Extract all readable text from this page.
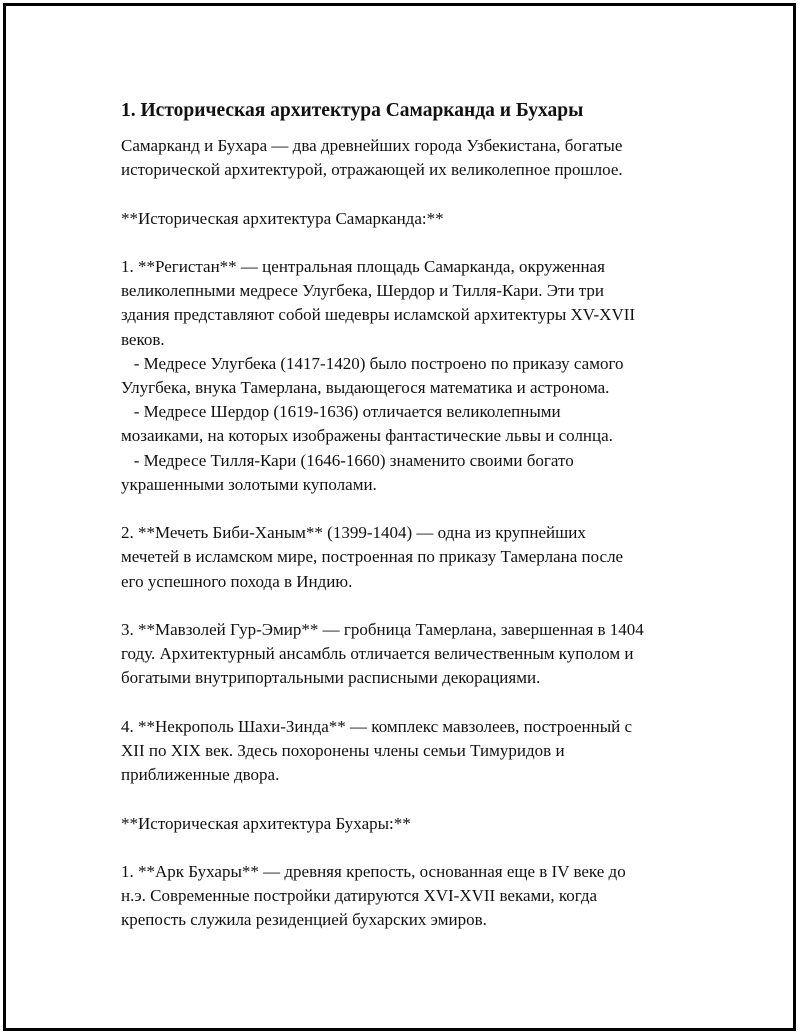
1. Историческая архитектура Самарканда и Бухары

Самарканд и Бухара — два древнейших города Узбекистана, богатые
исторической архитектурой, отражающей их великолепное прошлое.

**Историческая архитектура Самарканда:**

1. **Регистан** — центральная площадь Самарканда, окруженная
великолепными медресе Улугбека, Шердор и Тилля-Кари. Эти три
здания представляют собой шедевры исламской архитектуры XV-XVII
веков.
- Медресе Улугбека (1417-1420) было построено по приказу самого
Улугбека, внука Тамерлана, выдающегося математика и астронома.
- Медресе Шердор (1619-1636) отличается великолепными
мозаиками, на которых изображены фантастические львы и солнца.
- Медресе Тилля-Кари (1646-1660) знаменито своими богато
украшенными золотыми куполами.

2. **Мечеть Биби-Ханым** (1399-1404) — одна из крупнейших
мечетей в исламском мире, построенная по приказу Тамерлана после
его успешного похода в Индию.

3. **Мавзолей Гур-Эмир** — гробница Тамерлана, завершенная в 1404
году. Архитектурный ансамбль отличается величественным куполом и
богатыми внутрипортальными расписными декорациями.

4. **Некрополь Шахи-Зинда** — комплекс мавзолеев, построенный с
XII по XIX век. Здесь похоронены члены семьи Тимуридов и
приближенные двора.

**Историческая архитектура Бухары:**

1. **Арк Бухары** — древняя крепость, основанная еще в IV веке до
н.э. Современные постройки датируются XVI-XVII веками, когда
крепость служила резиденцией бухарских эмиров.
